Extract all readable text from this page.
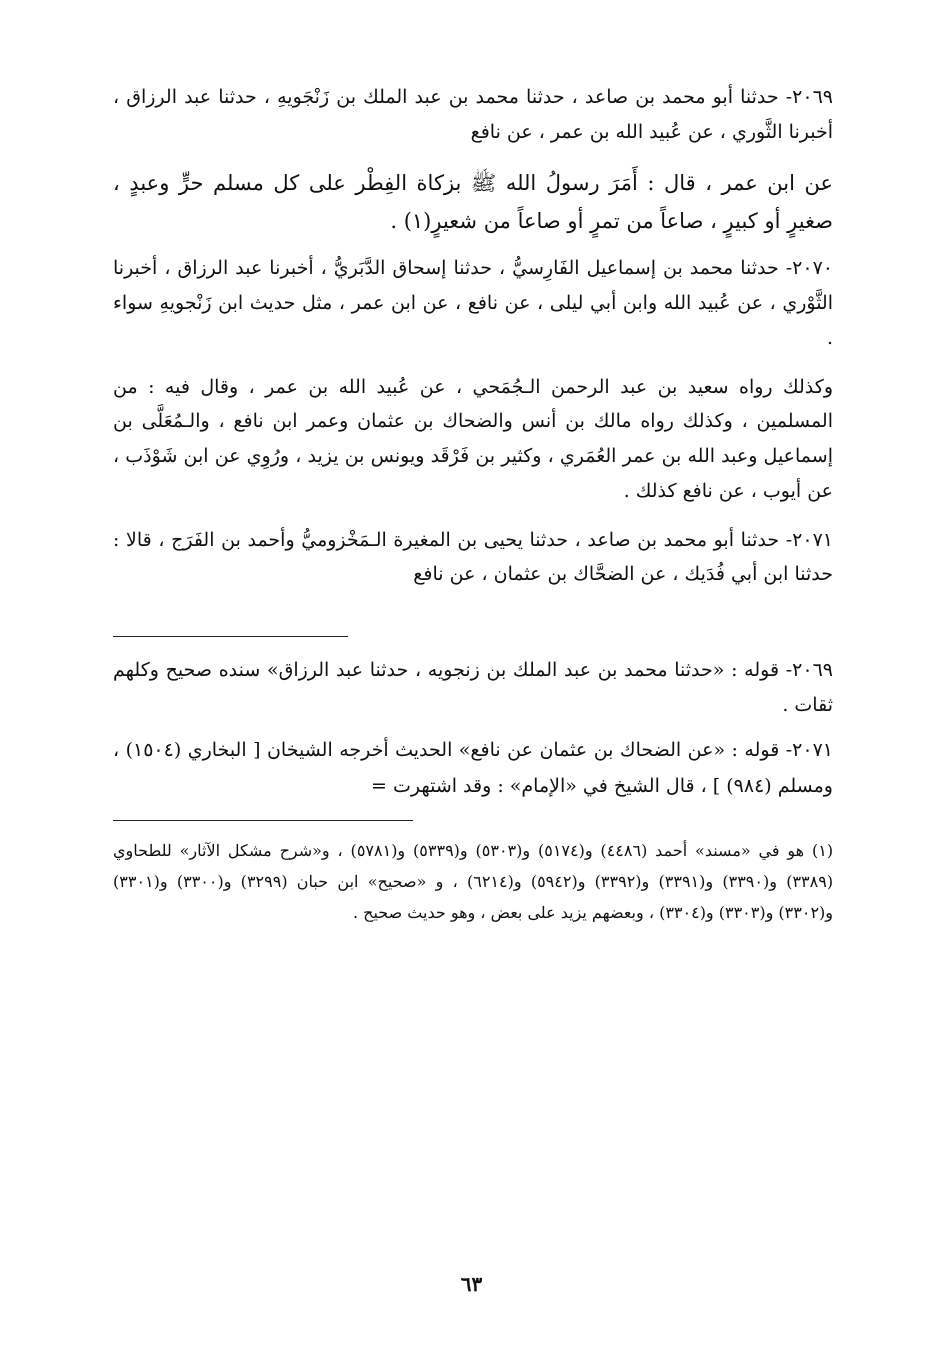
٢٠٦٩- حدثنا أبو محمد بن صاعد ، حدثنا محمد بن عبد الملك بن زَنْجَويهِ ، حدثنا عبد الرزاق ، أخبرنا الثَّوري ، عن عُبيد الله بن عمر ، عن نافع

عن ابن عمر ، قال : أَمَرَ رسولُ الله ﷺ بزكاة الفِطْر على كل مسلم حرٍّ وعبدٍ ، صغيرٍ أو كبيرٍ ، صاعاً من تمرٍ أو صاعاً من شعيرٍ(١) .

٢٠٧٠- حدثنا محمد بن إسماعيل الفَارِسيُّ ، حدثنا إسحاق الدَّبَريُّ ، أخبرنا عبد الرزاق ، أخبرنا الثَّوْري ، عن عُبيد الله وابن أبي ليلى ، عن نافع ، عن ابن عمر ، مثل حديث ابن زَنْجويهِ سواء .

وكذلك رواه سعيد بن عبد الرحمن الـجُمَحي ، عن عُبيد الله بن عمر ، وقال فيه : من المسلمين ، وكذلك رواه مالك بن أنس والضحاك بن عثمان وعمر ابن نافع ، والـمُعَلَّى بن إسماعيل وعبد الله بن عمر العُمَري ، وكثير بن فَرْقَد ويونس بن يزيد ، ورُوِي عن ابن شَوْذَب ، عن أيوب ، عن نافع كذلك .

٢٠٧١- حدثنا أبو محمد بن صاعد ، حدثنا يحيى بن المغيرة الـمَخْزوميُّ وأحمد بن الفَرَج ، قالا : حدثنا ابن أبي فُدَيك ، عن الضحَّاك بن عثمان ، عن نافع

٢٠٦٩- قوله : «حدثنا محمد بن عبد الملك بن زنجويه ، حدثنا عبد الرزاق» سنده صحيح وكلهم ثقات .

٢٠٧١- قوله : «عن الضحاك بن عثمان عن نافع» الحديث أخرجه الشيخان [ البخاري (١٥٠٤) ، ومسلم (٩٨٤) ] ، قال الشيخ في «الإمام» : وقد اشتهرت =

(١) هو في «مسند» أحمد (٤٤٨٦) و(٥١٧٤) و(٥٣٠٣) و(٥٣٣٩) و(٥٧٨١) ، و«شرح مشكل الآثار» للطحاوي (٣٣٨٩) و(٣٣٩٠) و(٣٣٩١) و(٣٣٩٢) و(٥٩٤٢) و(٦٢١٤) ، و «صحيح» ابن حبان (٣٢٩٩) و(٣٣٠٠) و(٣٣٠١) و(٣٣٠٢) و(٣٣٠٣) و(٣٣٠٤) ، وبعضهم يزيد على بعض ، وهو حديث صحيح .

٦٣
